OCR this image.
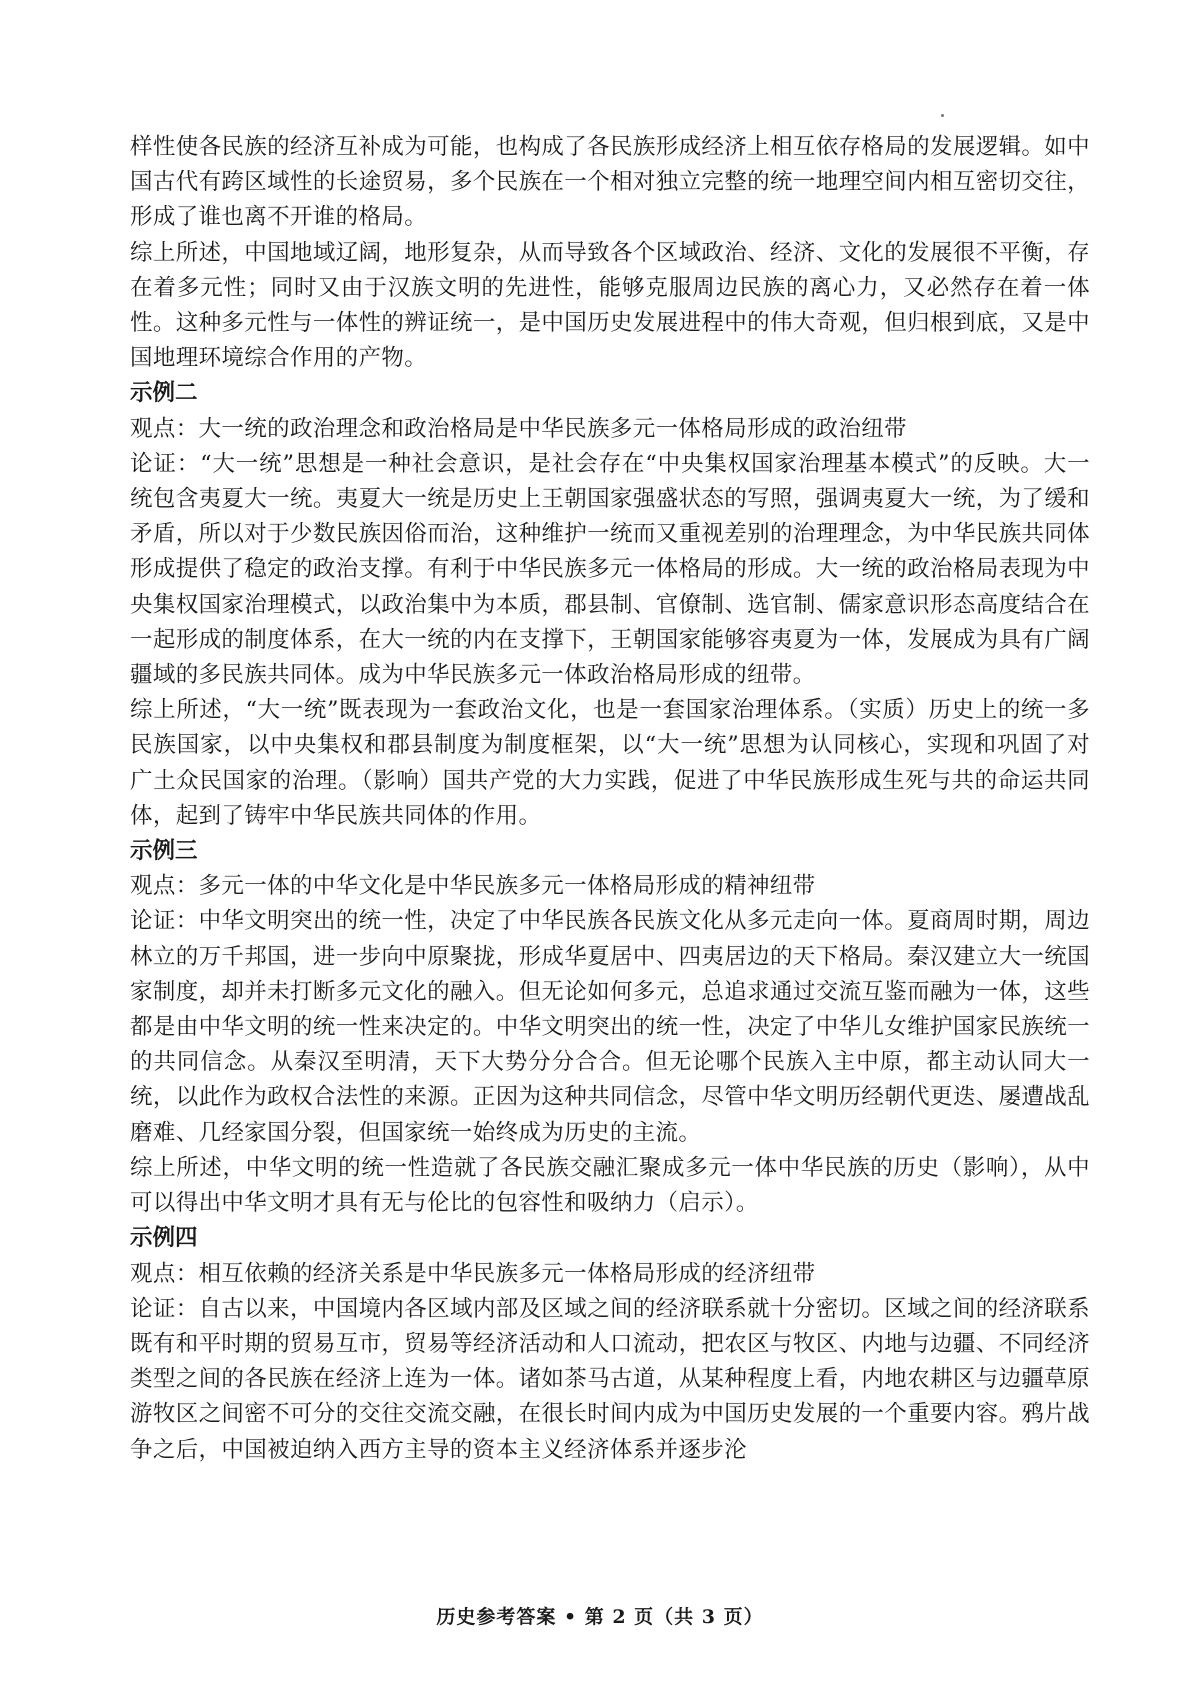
样性使各民族的经济互补成为可能，也构成了各民族形成经济上相互依存格局的发展逻辑。如中国古代有跨区域性的长途贸易，多个民族在一个相对独立完整的统一地理空间内相互密切交往，形成了谁也离不开谁的格局。

综上所述，中国地域辽阔，地形复杂，从而导致各个区域政治、经济、文化的发展很不平衡，存在着多元性；同时又由于汉族文明的先进性，能够克服周边民族的离心力，又必然存在着一体性。这种多元性与一体性的辨证统一，是中国历史发展进程中的伟大奇观，但归根到底，又是中国地理环境综合作用的产物。

示例二

观点：大一统的政治理念和政治格局是中华民族多元一体格局形成的政治纽带

论证：“大一统”思想是一种社会意识，是社会存在“中央集权国家治理基本模式”的反映。大一统包含夷夏大一统。夷夏大一统是历史上王朝国家强盛状态的写照，强调夷夏大一统，为了缓和矛盾，所以对于少数民族因俗而治，这种维护一统而又重视差别的治理理念，为中华民族共同体形成提供了稳定的政治支撑。有利于中华民族多元一体格局的形成。大一统的政治格局表现为中央集权国家治理模式，以政治集中为本质，郡县制、官僚制、选官制、儒家意识形态高度结合在一起形成的制度体系，在大一统的内在支撑下，王朝国家能够容夷夏为一体，发展成为具有广阔疆域的多民族共同体。成为中华民族多元一体政治格局形成的纽带。

综上所述，“大一统”既表现为一套政治文化，也是一套国家治理体系。（实质）历史上的统一多民族国家，以中央集权和郡县制度为制度框架，以“大一统”思想为认同核心，实现和巩固了对广土众民国家的治理。（影响）国共产党的大力实践，促进了中华民族形成生死与共的命运共同体，起到了铸牢中华民族共同体的作用。

示例三

观点：多元一体的中华文化是中华民族多元一体格局形成的精神纽带

论证：中华文明突出的统一性，决定了中华民族各民族文化从多元走向一体。夏商周时期，周边林立的万千邦国，进一步向中原聚拢，形成华夏居中、四夷居边的天下格局。秦汉建立大一统国家制度，却并未打断多元文化的融入。但无论如何多元，总追求通过交流互鉴而融为一体，这些都是由中华文明的统一性来决定的。中华文明突出的统一性，决定了中华儿女维护国家民族统一的共同信念。从秦汉至明清，天下大势分分合合。但无论哪个民族入主中原，都主动认同大一统，以此作为政权合法性的来源。正因为这种共同信念，尽管中华文明历经朝代更迭、屡遭战乱磨难、几经家国分裂，但国家统一始终成为历史的主流。

综上所述，中华文明的统一性造就了各民族交融汇聚成多元一体中华民族的历史（影响），从中可以得出中华文明才具有无与伦比的包容性和吸纳力（启示）。

示例四

观点：相互依赖的经济关系是中华民族多元一体格局形成的经济纽带

论证：自古以来，中国境内各区域内部及区域之间的经济联系就十分密切。区域之间的经济联系既有和平时期的贸易互市，贸易等经济活动和人口流动，把农区与牧区、内地与边疆、不同经济类型之间的各民族在经济上连为一体。诸如茶马古道，从某种程度上看，内地农耕区与边疆草原游牧区之间密不可分的交往交流交融，在很长时间内成为中国历史发展的一个重要内容。鸦片战争之后，中国被迫纳入西方主导的资本主义经济体系并逐步沦

历史参考答案 • 第 2 页（共 3 页）
